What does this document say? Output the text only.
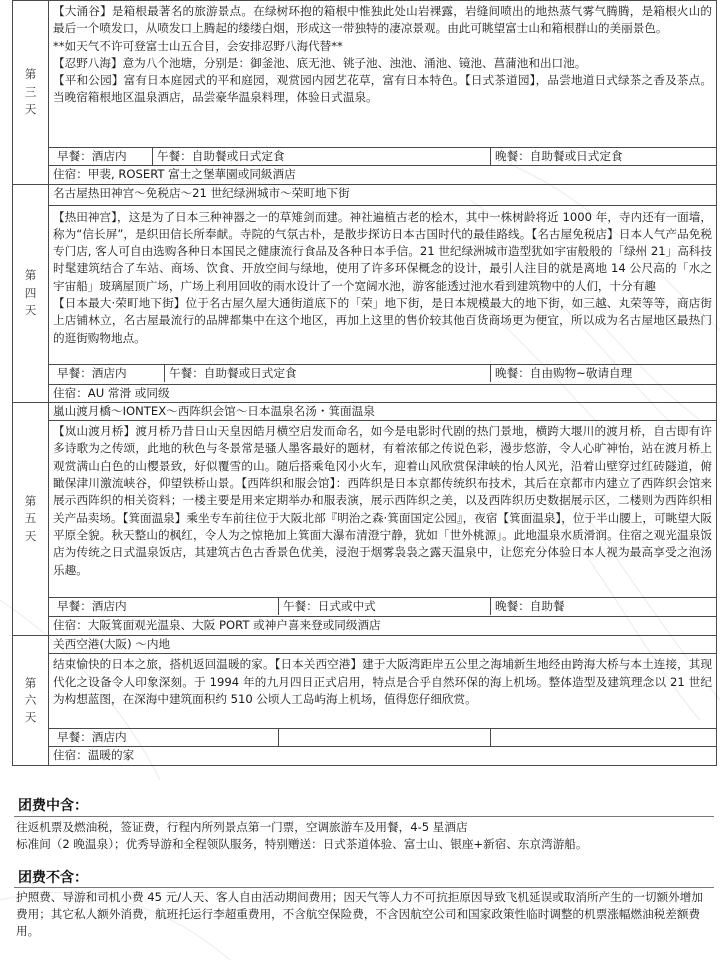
第三天	【大涌谷】是箱根最著名的旅游景点。在绿树环抱的箱根中惟独此处山岩裸露，岩缝间喷出的地热蒸气雾气腾腾，是箱根火山的最后一个喷发口，从喷发口上腾起的缕缕白烟，形成这一带独特的凄凉景观。由此可眺望富士山和箱根群山的美丽景色。
**如天气不许可登富士山五合目，会安排忍野八海代替**
【忍野八海】意为八个池塘，分别是：御釜池、底无池、铫子池、浊池、涌池、镜池、菖蒲池和出口池。
【平和公园】富有日本庭园式的平和庭园，观赏园内园艺花草，富有日本特色。【日式茶道园】，品尝地道日式绿茶之香及茶点。当晚宿箱根地区温泉酒店，品尝豪华温泉料理，体验日式温泉。

	早餐：酒店内 午餐：自助餐或日式定食 晚餐：自助餐或日式定食

	住宿：甲裴, ROSERT 富士之堡華園或同級酒店

第四天	名古屋热田神宫～免税店～21 世纪绿洲城市～荣町地下街

	【热田神宫】，这是为了日本三种神器之一的草雉剑而建。神社遍植古老的桧木，其中一株树龄将近 1000 年，寺内还有一面墙，称为“信长屏”，是织田信长所奉献。寺院的气氛古朴，是散步探访日本古国时代的最佳路线。【名古屋免税店】日本人气产品免税专门店, 客人可自由选购各种日本国民之健康流行食品及各种日本手信。21 世纪绿洲城市造型犹如宇宙般般的「绿州 21」高科技时髦建筑结合了车站、商场、饮食、开放空间与绿地，使用了许多环保概念的设计，最引人注目的就是离地 14 公尺高的「水之宇宙船」玻璃屋顶广场，广场上利用回收的雨水设计了一个宽阔水池，游客能透过池水看到建筑物中的人们，十分有趣
【日本最大·荣町地下街】位于名古屋久屋大通街道底下的「荣」地下街，是日本规模最大的地下街，如三越、丸荣等等，商店街上店铺林立，名古屋最流行的品牌都集中在这个地区，再加上这里的售价较其他百货商场更为便宜，所以成为名古屋地区最热门的逛街购物地点。

	早餐：酒店内 午餐：自助餐或日式定食 晚餐：自由购物~敬请自理

	住宿：AU 常滑 或同级

第五天	嵐山渡月橋～IONTEX～西阵织会馆～日本温泉名汤・箕面温泉

	【岚山渡月桥】渡月桥乃昔日山天皇因皓月横空启发而命名，如今是电影时代剧的热门景地，横跨大堰川的渡月桥，自古即有许多诗歌为之传颂，此地的秋色与冬景常是骚人墨客最好的题材，有着浓郁之传说色彩，漫步悠游，令人心旷神怡，站在渡月桥上观赏满山白色的山樱景致，好似覆雪的山。随后搭乘龟冈小火车，迎着山风欣赏保津峡的怡人风光，沿着山壁穿过红砖隧道，俯瞰保津川激流峡谷，仰望铁桥山景。【西阵织和服会馆】：西阵织是日本京都传统织布技术，其后在京都市内建立了西阵织会馆来展示西阵织的相关资料；一楼主要是用来定期举办和服表演，展示西阵织之美，以及西阵织历史数据展示区，二楼则为西阵织相关产品卖场。【箕面温泉】乘坐专车前往位于大阪北部『明治之森·箕面国定公园』，夜宿【箕面温泉】，位于半山腰上，可眺望大阪平原全貌。秋天整山的枫红，令人为之惊艳加上箕面大瀑布清澄宁静，犹如「世外桃源」。此地温泉水质滑润。住宿之观光温泉饭店为传统之日式温泉饭店，其建筑古色古香景色优美，浸泡于烟雾袅袅之露天温泉中，让您充分体验日本人视为最高享受之泡汤乐趣。

	早餐：酒店内 午餐：日式或中式 晚餐：自助餐

	住宿：大阪箕面观光温泉、大阪 PORT 或神户喜来登或同级酒店

第六天	关西空港(大阪) ～内地

	结束愉快的日本之旅，搭机返回温暖的家。【日本关西空港】建于大阪湾距岸五公里之海埔新生地经由跨海大桥与本土连接，其现代化之设备令人印象深刻。于 1994 年的九月四日正式启用，特点是合乎自然环保的海上机场。整体造型及建筑理念以 21 世纪为构想蓝图，在深海中建筑面积约 510 公顷人工岛屿海上机场，值得您仔细欣赏。

	早餐：酒店内

	住宿：温暖的家
团费中含：
往返机票及燃油税，签证费，行程内所列景点第一门票，空调旅游车及用餐，4-5 星酒店
标准间（2 晚温泉）；优秀导游和全程领队服务，特别赠送：日式茶道体验、富士山、银座+新宿、东京湾游船。
团费不含：
护照费、导游和司机小费 45 元/人天、客人自由活动期间费用；因天气等人力不可抗拒原因导致飞机延误或取消所产生的一切额外增加费用；其它私人额外消费，航班托运行李超重费用，不含航空保险费，不含因航空公司和国家政策性临时调整的机票涨幅燃油税差额费用。
